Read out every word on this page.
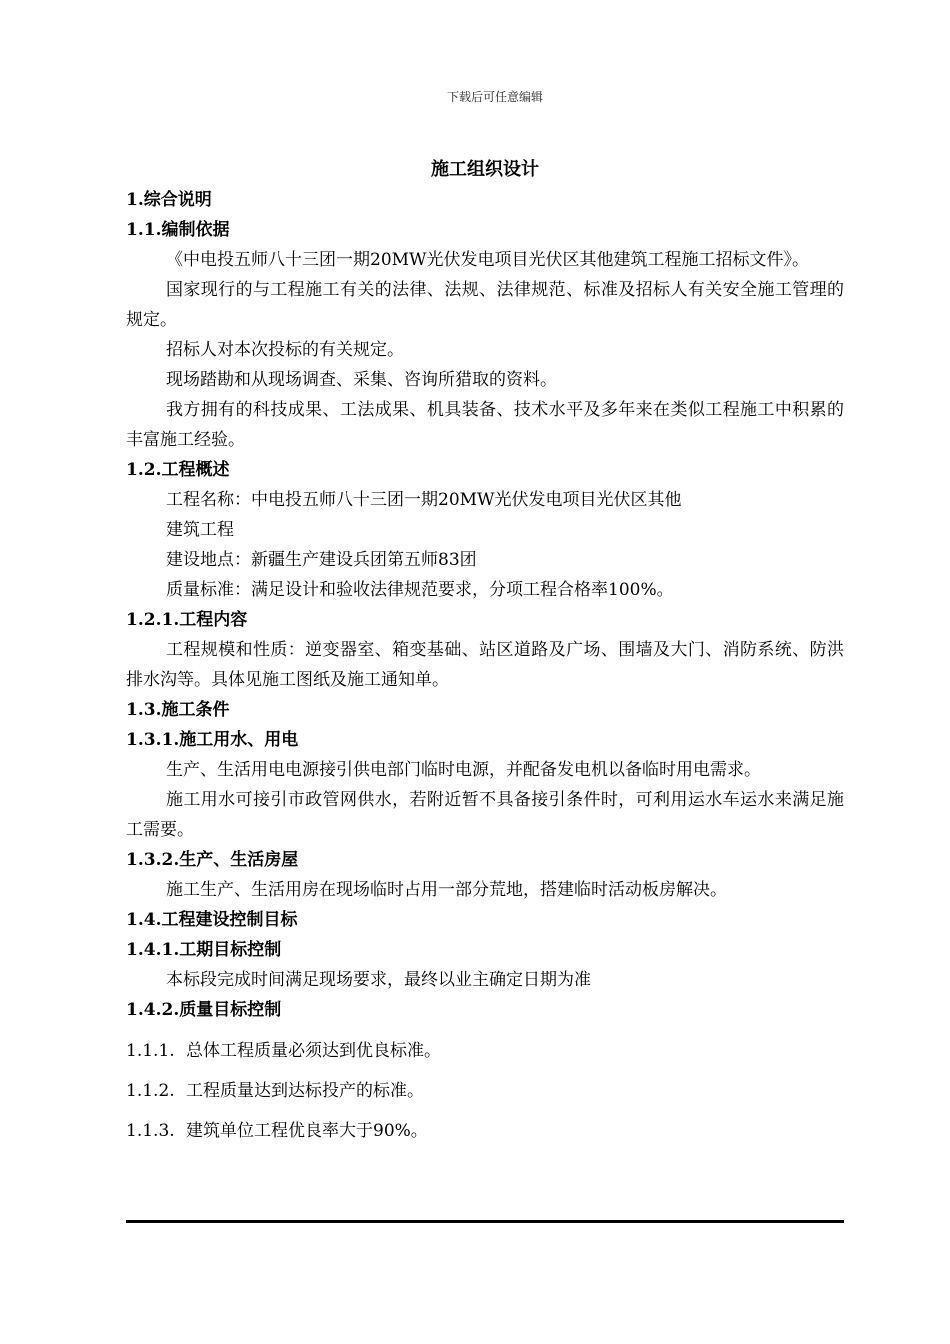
下载后可任意编辑
施工组织设计
1.综合说明
1.1.编制依据
《中电投五师八十三团一期20MW光伏发电项目光伏区其他建筑工程施工招标文件》。
国家现行的与工程施工有关的法律、法规、法律规范、标准及招标人有关安全施工管理的规定。
招标人对本次投标的有关规定。
现场踏勘和从现场调查、采集、咨询所猎取的资料。
我方拥有的科技成果、工法成果、机具装备、技术水平及多年来在类似工程施工中积累的丰富施工经验。
1.2.工程概述
工程名称：中电投五师八十三团一期20MW光伏发电项目光伏区其他
建筑工程
建设地点：新疆生产建设兵团第五师83团
质量标准：满足设计和验收法律规范要求，分项工程合格率100%。
1.2.1.工程内容
工程规模和性质：逆变器室、箱变基础、站区道路及广场、围墙及大门、消防系统、防洪排水沟等。具体见施工图纸及施工通知单。
1.3.施工条件
1.3.1.施工用水、用电
生产、生活用电电源接引供电部门临时电源，并配备发电机以备临时用电需求。
施工用水可接引市政管网供水，若附近暂不具备接引条件时，可利用运水车运水来满足施工需要。
1.3.2.生产、生活房屋
施工生产、生活用房在现场临时占用一部分荒地，搭建临时活动板房解决。
1.4.工程建设控制目标
1.4.1.工期目标控制
本标段完成时间满足现场要求，最终以业主确定日期为准
1.4.2.质量目标控制
1.1.1. 总体工程质量必须达到优良标准。
1.1.2. 工程质量达到达标投产的标准。
1.1.3. 建筑单位工程优良率大于90%。
